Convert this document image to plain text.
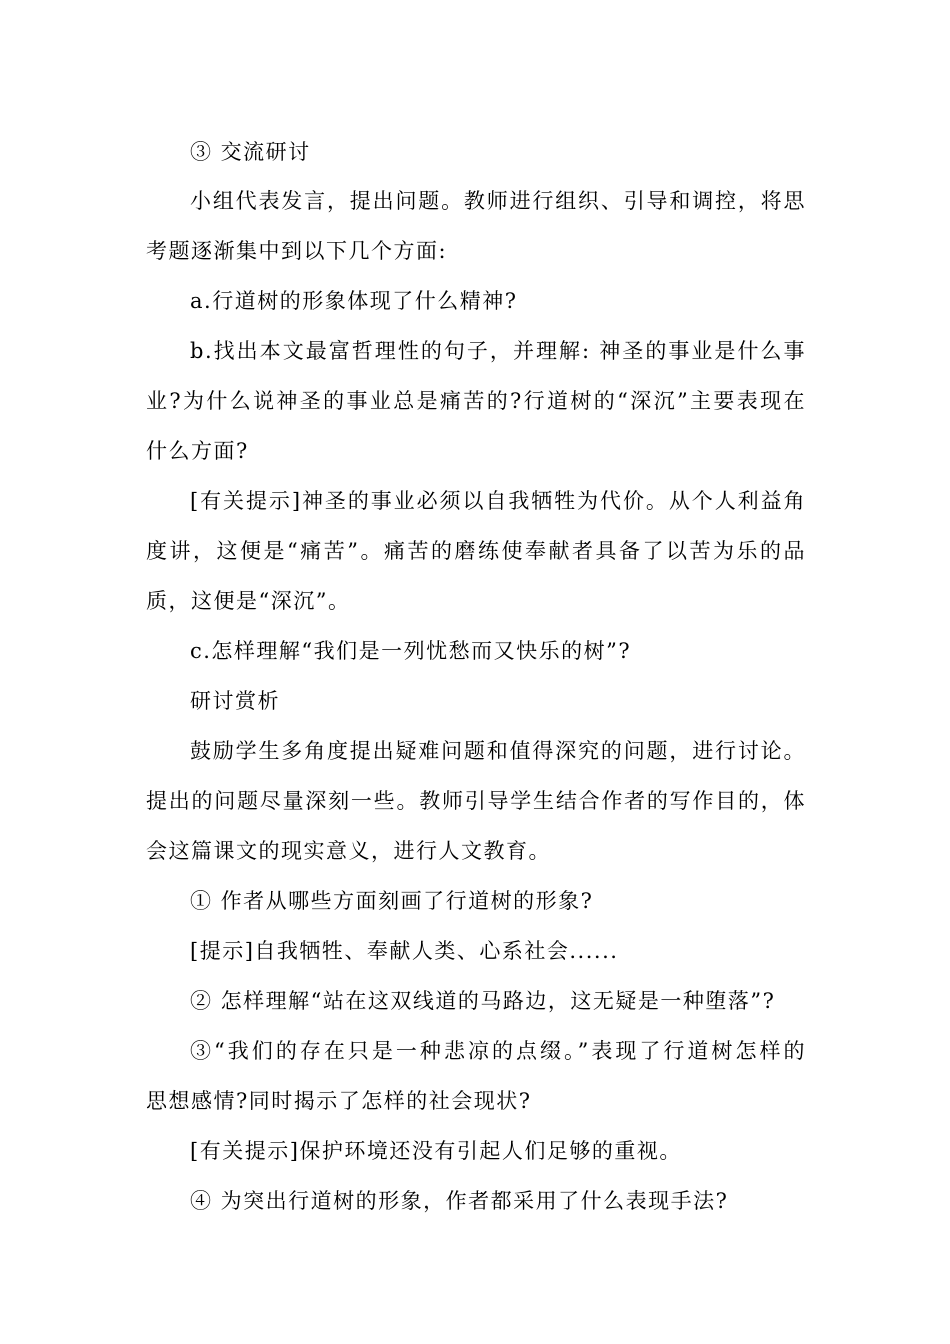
③ 交流研讨
小组代表发言，提出问题。教师进行组织、引导和调控，将思
考题逐渐集中到以下几个方面:
a.行道树的形象体现了什么精神?
b.找出本文最富哲理性的句子，并理解: 神圣的事业是什么事
业?为什么说神圣的事业总是痛苦的?行道树的“深沉”主要表现在
什么方面?
[有关提示]神圣的事业必须以自我牺牲为代价。从个人利益角
度讲，这便是“痛苦”。痛苦的磨练使奉献者具备了以苦为乐的品
质，这便是“深沉”。
c.怎样理解“我们是一列忧愁而又快乐的树”?
研讨赏析
鼓励学生多角度提出疑难问题和值得深究的问题，进行讨论。
提出的问题尽量深刻一些。教师引导学生结合作者的写作目的，体
会这篇课文的现实意义，进行人文教育。
① 作者从哪些方面刻画了行道树的形象?
[提示]自我牺牲、奉献人类、心系社会......
② 怎样理解“站在这双线道的马路边，这无疑是一种堕落”?
③“我们的存在只是一种悲凉的点缀。”表现了行道树怎样的
思想感情?同时揭示了怎样的社会现状?
[有关提示]保护环境还没有引起人们足够的重视。
④ 为突出行道树的形象，作者都采用了什么表现手法?
